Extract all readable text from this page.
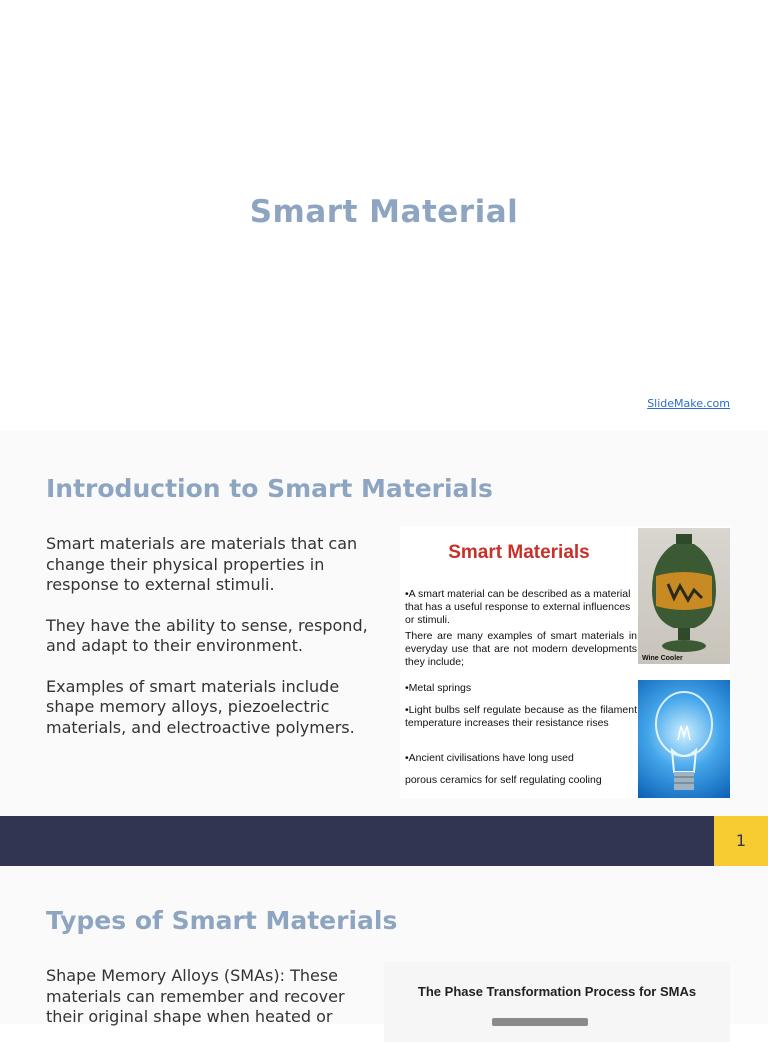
Smart Material
SlideMake.com
Introduction to Smart Materials

Smart materials are materials that can change their physical properties in response to external stimuli.

They have the ability to sense, respond, and adapt to their environment.

Examples of smart materials include shape memory alloys, piezoelectric materials, and electroactive polymers.

Smart Materials
•A smart material can be described as a material that has a useful response to external influences or stimuli.
There are many examples of smart materials in everyday use that are not modern developments they include;
•Metal springs
•Light bulbs self regulate because as the filament temperature increases their resistance rises
•Ancient civilisations have long used
porous ceramics for self regulating cooling
Wine Cooler
1
Types of Smart Materials
Shape Memory Alloys (SMAs): These materials can remember and recover their original shape when heated or
The Phase Transformation Process for SMAs
